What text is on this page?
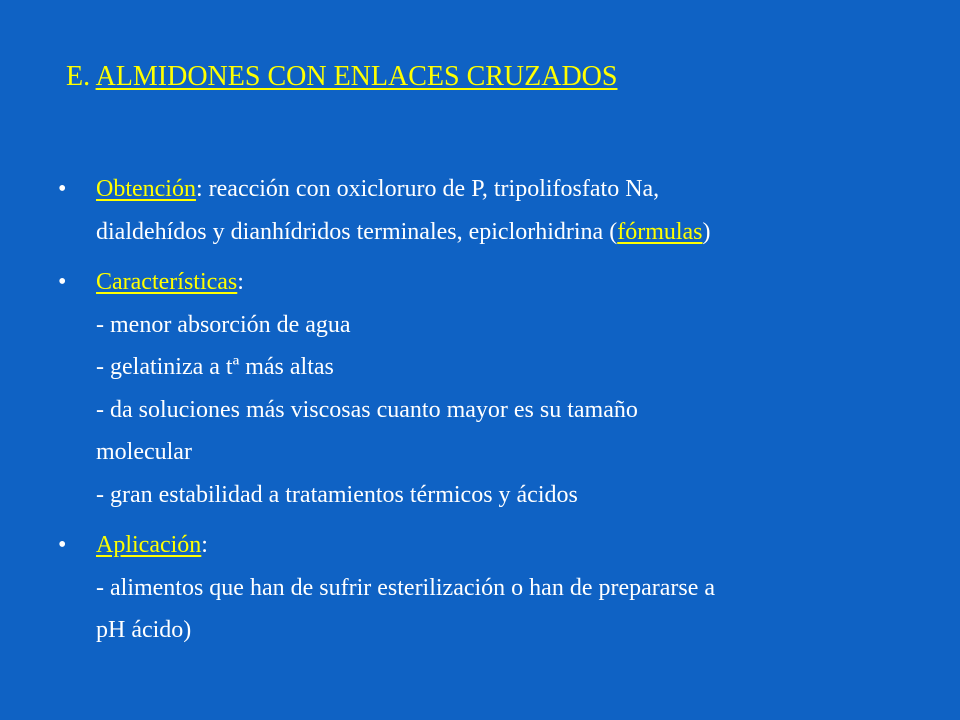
E. ALMIDONES CON ENLACES CRUZADOS
• Obtención: reacción con oxicloruro de P, tripolifosfato Na,
dialdehídos y dianhídridos terminales, epiclorhidrina (fórmulas)
• Características:
- menor absorción de agua
- gelatiniza a tª más altas
- da soluciones más viscosas cuanto mayor es su tamaño
molecular
- gran estabilidad a tratamientos térmicos y ácidos
• Aplicación:
- alimentos que han de sufrir esterilización o han de prepararse a
pH ácido)
